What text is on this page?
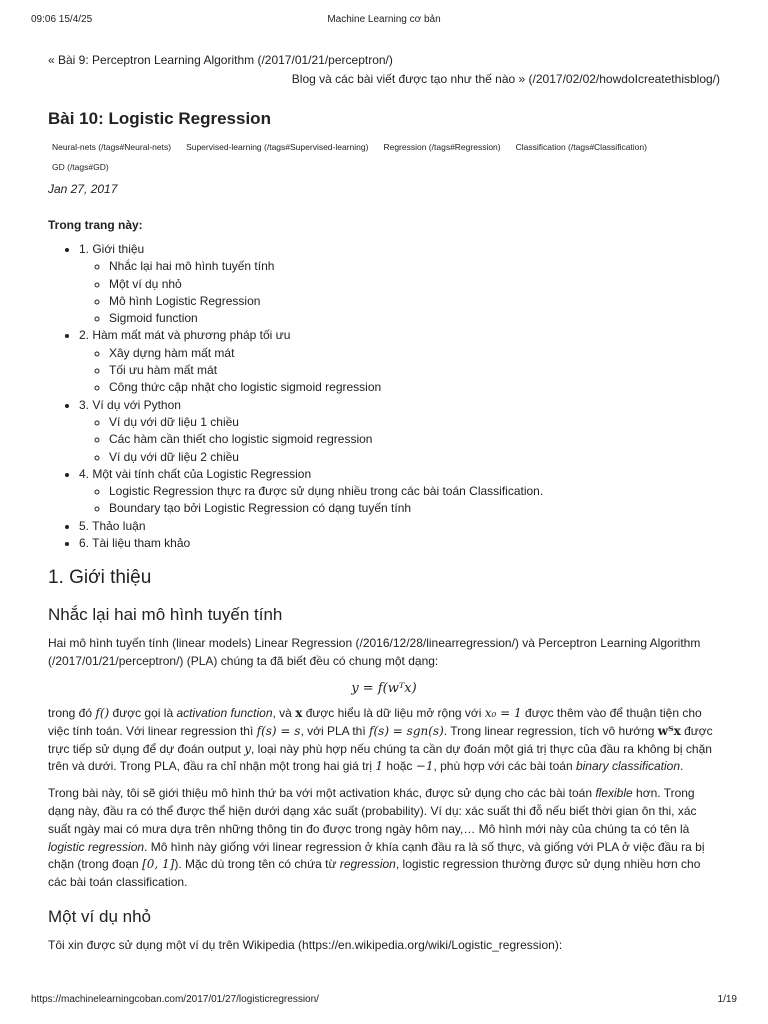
09:06 15/4/25	Machine Learning cơ bản
« Bài 9: Perceptron Learning Algorithm (/2017/01/21/perceptron/)
Blog và các bài viết được tạo như thế nào » (/2017/02/02/howdoIcreatethisblog/)
Bài 10: Logistic Regression
Neural-nets (/tags#Neural-nets) Supervised-learning (/tags#Supervised-learning) Regression (/tags#Regression) Classification (/tags#Classification)GD (/tags#GD)
Jan 27, 2017
Trong trang này:
• 1. Giới thiệu
◦ Nhắc lại hai mô hình tuyến tính
◦ Một ví dụ nhỏ
◦ Mô hình Logistic Regression
◦ Sigmoid function
• 2. Hàm mất mát và phương pháp tối ưu
◦ Xây dựng hàm mất mát
◦ Tối ưu hàm mất mát
◦ Công thức cập nhật cho logistic sigmoid regression
• 3. Ví dụ với Python
◦ Ví dụ với dữ liệu 1 chiều
◦ Các hàm cần thiết cho logistic sigmoid regression
◦ Ví dụ với dữ liệu 2 chiều
• 4. Một vài tính chất của Logistic Regression
◦ Logistic Regression thực ra được sử dụng nhiều trong các bài toán Classification.
◦ Boundary tạo bởi Logistic Regression có dạng tuyến tính
• 5. Thảo luận
• 6. Tài liệu tham khảo
1. Giới thiệu
Nhắc lại hai mô hình tuyến tính

Hai mô hình tuyến tính (linear models) Linear Regression (/2016/12/28/linearregression/) và Perceptron Learning Algorithm (/2017/01/21/perceptron/) (PLA) chúng ta đã biết đều có chung một dạng:

y = f(wᵀx)

trong đó f() được gọi là activation function, và x được hiểu là dữ liệu mở rộng với x₀ = 1 được thêm vào để thuận tiện cho việc tính toán. Với linear regression thì f(s) = s, với PLA thì f(s) = sgn(s). Trong linear regression, tích vô hướng wᵀx được trực tiếp sử dụng để dự đoán output y, loại này phù hợp nếu chúng ta cần dự đoán một giá trị thực của đầu ra không bị chặn trên và dưới. Trong PLA, đầu ra chỉ nhận một trong hai giá trị 1 hoặc −1, phù hợp với các bài toán binary classification.

Trong bài này, tôi sẽ giới thiệu mô hình thứ ba với một activation khác, được sử dụng cho các bài toán flexible hơn. Trong dạng này, đầu ra có thể được thể hiện dưới dạng xác suất (probability). Ví dụ: xác suất thi đỗ nếu biết thời gian ôn thi, xác suất ngày mai có mưa dựa trên những thông tin đo được trong ngày hôm nay,… Mô hình mới này của chúng ta có tên là logistic regression. Mô hình này giống với linear regression ở khía cạnh đầu ra là số thực, và giống với PLA ở việc đầu ra bị chặn (trong đoạn [0, 1]). Mặc dù trong tên có chứa từ regression, logistic regression thường được sử dụng nhiều hơn cho các bài toán classification.

Một ví dụ nhỏ

Tôi xin được sử dụng một ví dụ trên Wikipedia (https://en.wikipedia.org/wiki/Logistic_regression):

https://machinelearningcoban.com/2017/01/27/logisticregression/	1/19
